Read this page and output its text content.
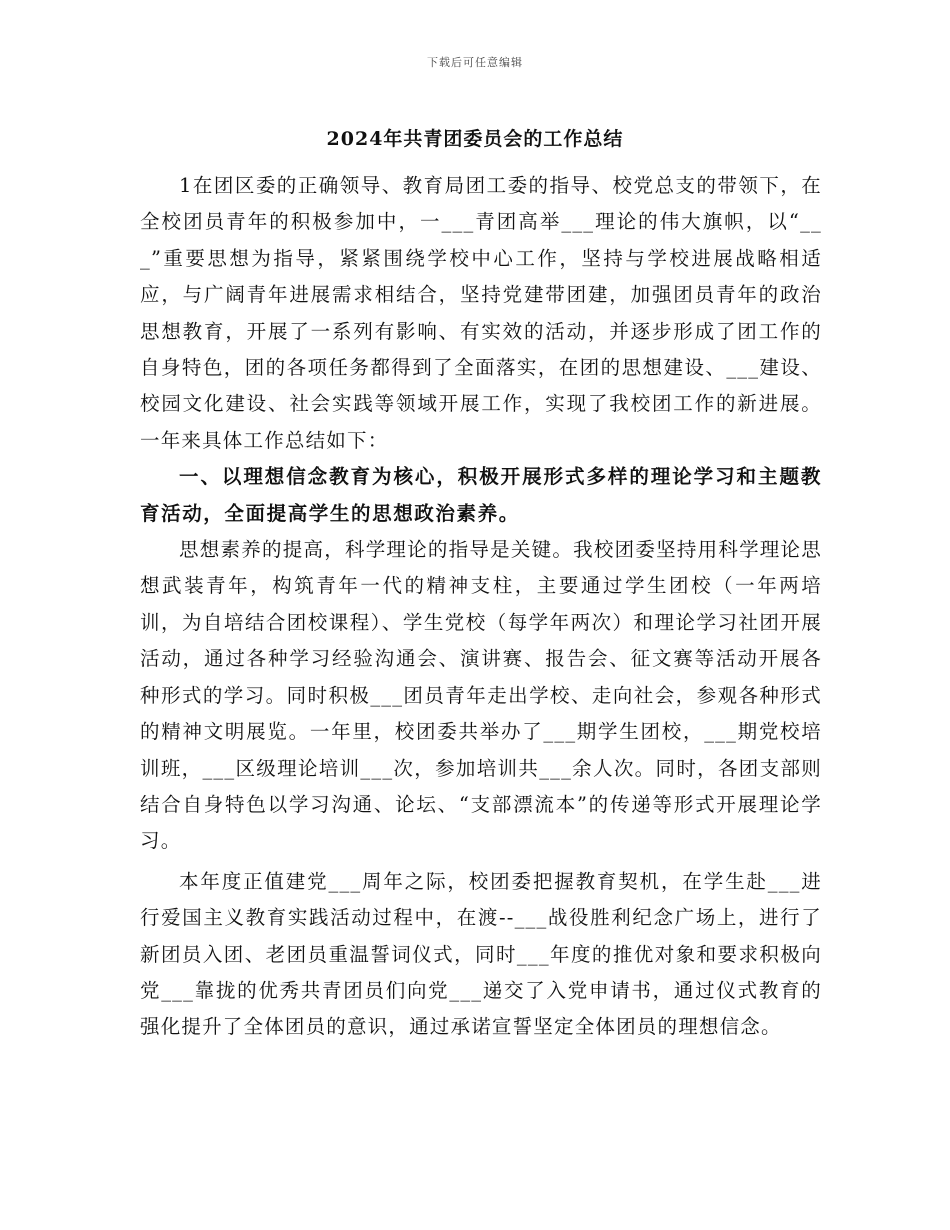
下载后可任意编辑
2024年共青团委员会的工作总结

1在团区委的正确领导、教育局团工委的指导、校党总支的带领下，在全校团员青年的积极参加中，一___青团高举___理论的伟大旗帜，以“___”重要思想为指导，紧紧围绕学校中心工作，坚持与学校进展战略相适应，与广阔青年进展需求相结合，坚持党建带团建，加强团员青年的政治思想教育，开展了一系列有影响、有实效的活动，并逐步形成了团工作的自身特色，团的各项任务都得到了全面落实，在团的思想建设、___建设、校园文化建设、社会实践等领域开展工作，实现了我校团工作的新进展。一年来具体工作总结如下：

一、以理想信念教育为核心，积极开展形式多样的理论学习和主题教育活动，全面提高学生的思想政治素养。

思想素养的提高，科学理论的指导是关键。我校团委坚持用科学理论思想武装青年，构筑青年一代的精神支柱，主要通过学生团校（一年两培训，为自培结合团校课程）、学生党校（每学年两次）和理论学习社团开展活动，通过各种学习经验沟通会、演讲赛、报告会、征文赛等活动开展各种形式的学习。同时积极___团员青年走出学校、走向社会，参观各种形式的精神文明展览。一年里，校团委共举办了___期学生团校，___期党校培训班，___区级理论培训___次，参加培训共___余人次。同时，各团支部则结合自身特色以学习沟通、论坛、“支部漂流本”的传递等形式开展理论学习。

本年度正值建党___周年之际，校团委把握教育契机，在学生赴___进行爱国主义教育实践活动过程中，在渡--___战役胜利纪念广场上，进行了新团员入团、老团员重温誓词仪式，同时___年度的推优对象和要求积极向党___靠拢的优秀共青团员们向党___递交了入党申请书，通过仪式教育的强化提升了全体团员的意识，通过承诺宣誓坚定全体团员的理想信念。
